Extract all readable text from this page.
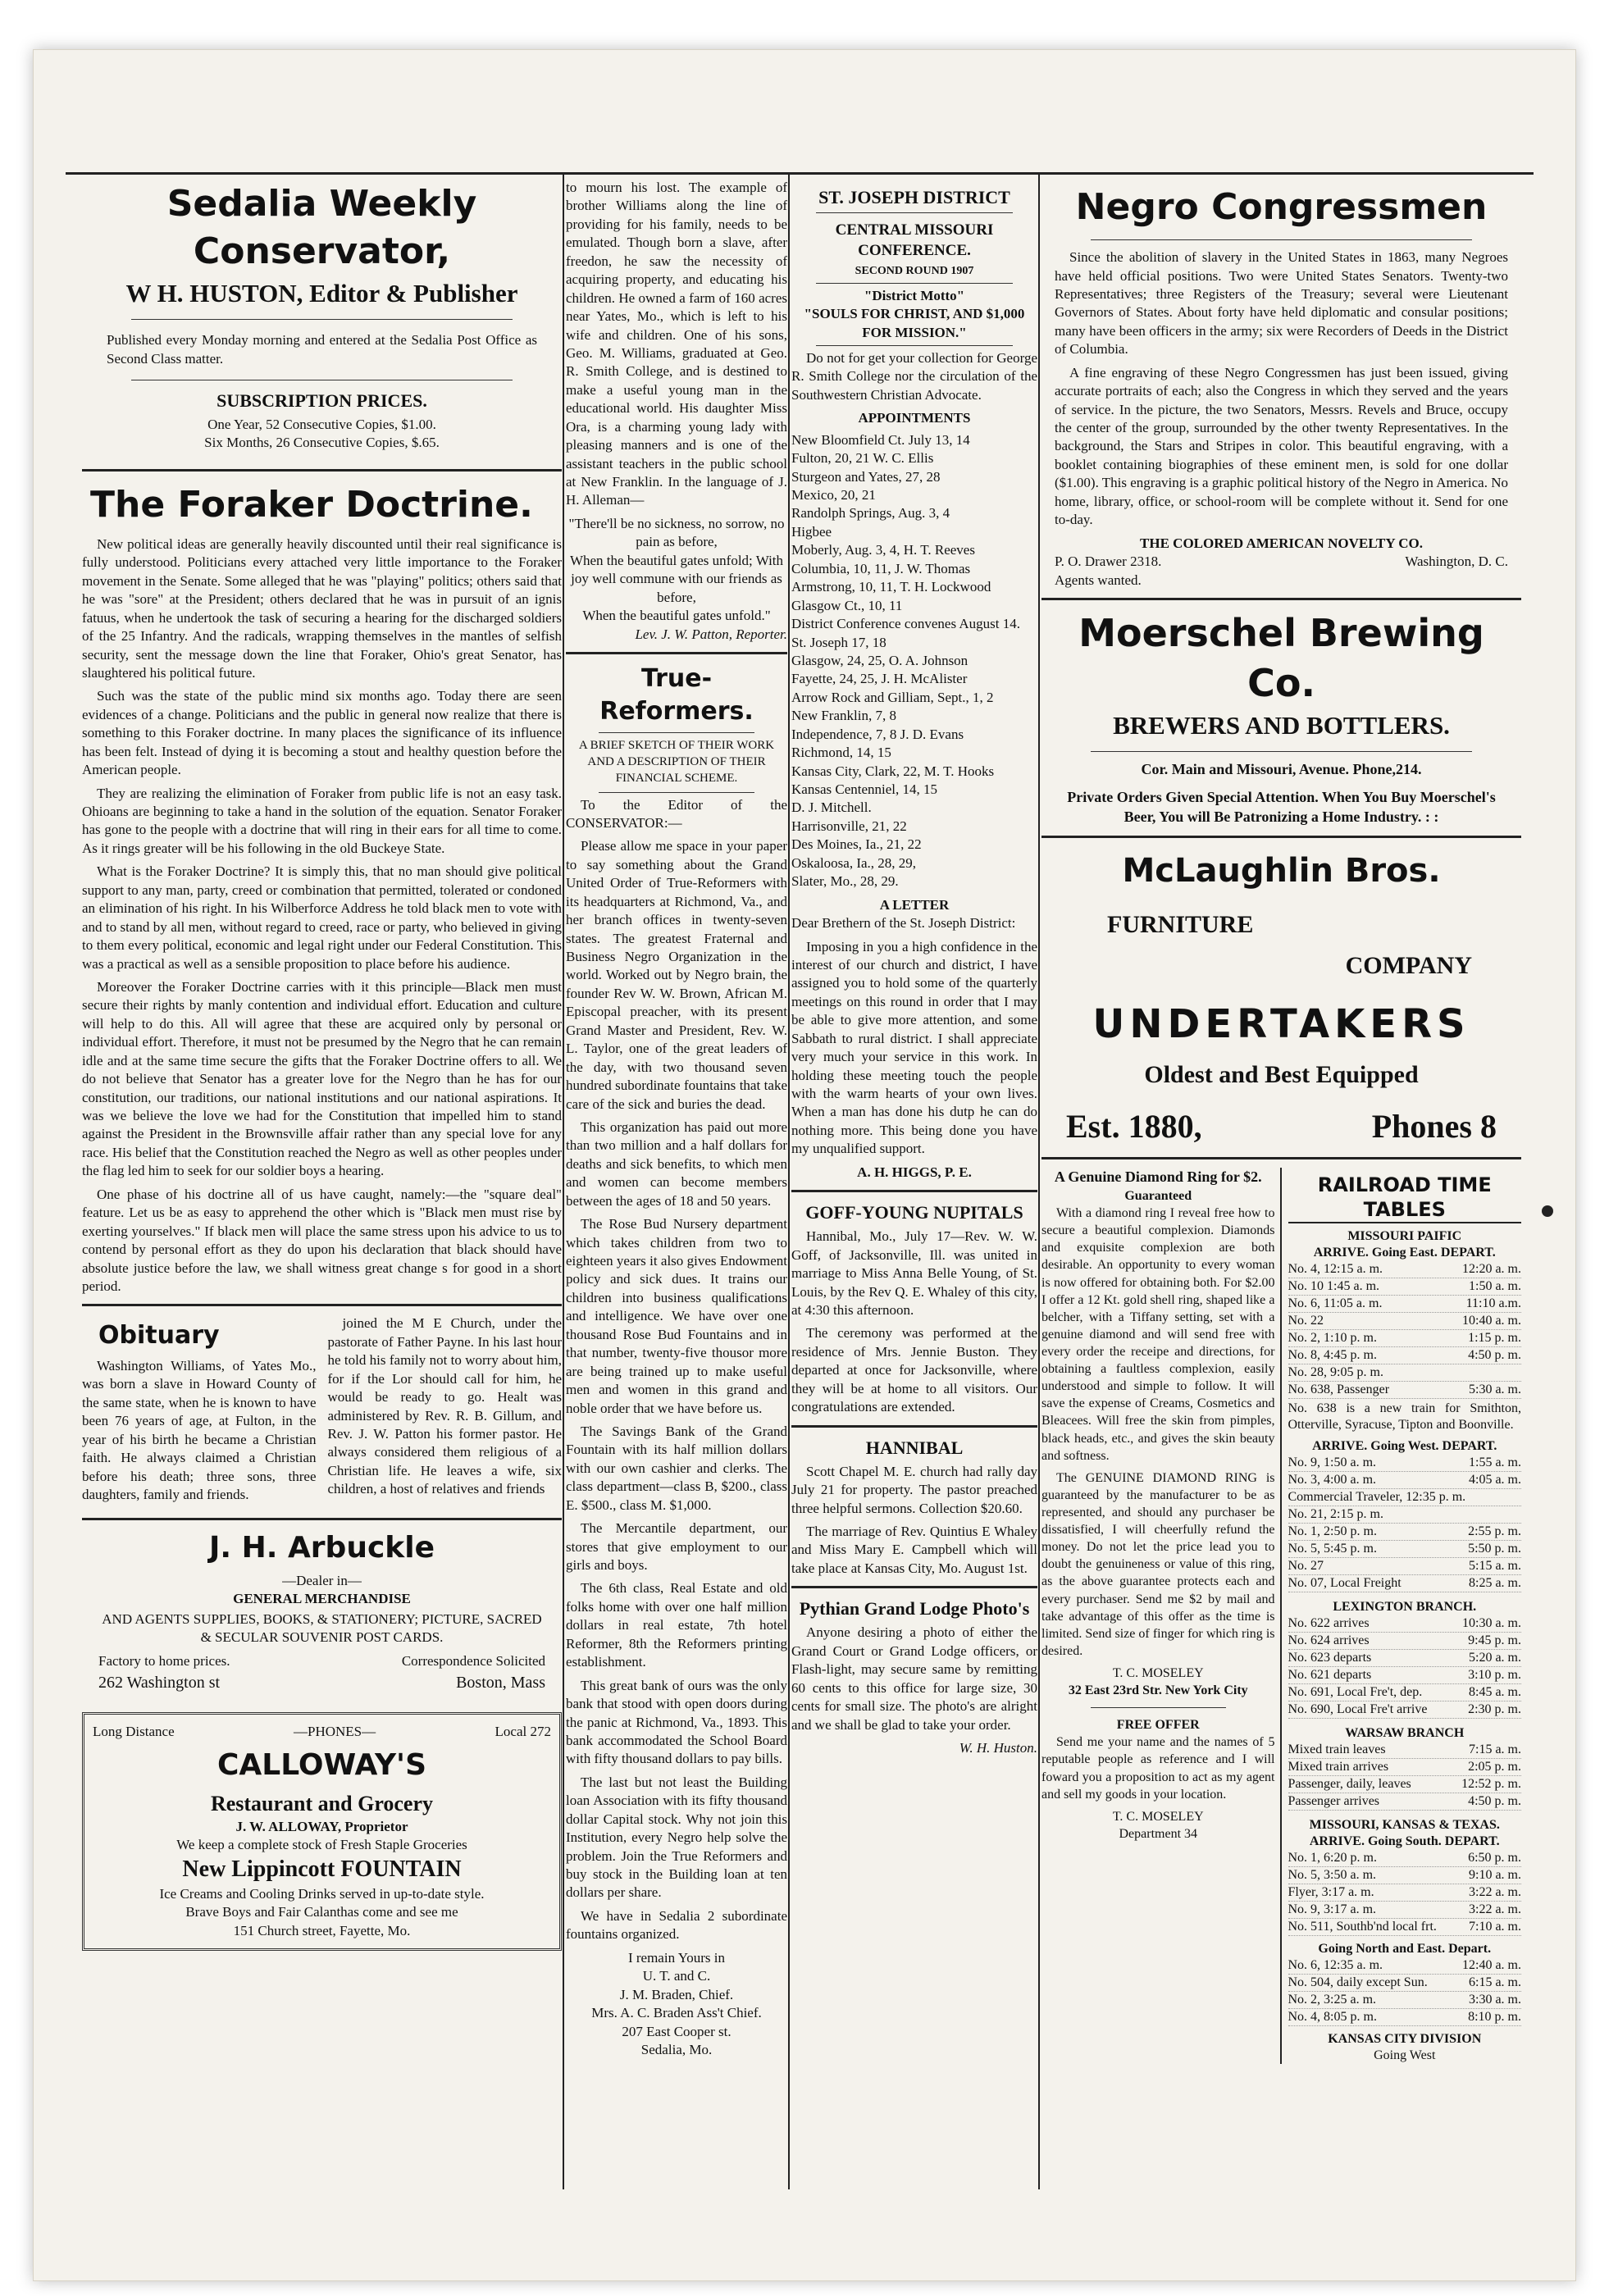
Sedalia Weekly Conservator,
W H. HUSTON, Editor & Publisher

Published every Monday morning and entered at the Sedalia Post Office as Second Class matter.

SUBSCRIPTION PRICES.
One Year, 52 Consecutive Copies, $1.00.
Six Months, 26 Consecutive Copies, $.65.
The Foraker Doctrine.

New political ideas are generally heavily discounted until their real significance is fully understood. Politicians every attached very little importance to the Foraker movement in the Senate. Some alleged that he was "playing" politics; others said that he was "sore" at the President; others declared that he was in pursuit of an ignis fatuus, when he undertook the task of securing a hearing for the discharged soldiers of the 25 Infantry. And the radicals, wrapping themselves in the mantles of selfish security, sent the message down the line that Foraker, Ohio's great Senator, has slaughtered his political future.

Such was the state of the public mind six months ago. Today there are seen evidences of a change. Politicians and the public in general now realize that there is something to this Foraker doctrine. In many places the significance of its influence has been felt. Instead of dying it is becoming a stout and healthy question before the American people.

They are realizing the elimination of Foraker from public life is not an easy task. Ohioans are beginning to take a hand in the solution of the equation. Senator Foraker has gone to the people with a doctrine that will ring in their ears for all time to come. As it rings greater will be his following in the old Buckeye State.

What is the Foraker Doctrine? It is simply this, that no man should give political support to any man, party, creed or combination that permitted, tolerated or condoned an elimination of his right. In his Wilberforce Address he told black men to vote with and to stand by all men, without regard to creed, race or party, who believed in giving to them every political, economic and legal right under our Federal Constitution. This was a practical as well as a sensible proposition to place before his audience.

Moreover the Foraker Doctrine carries with it this principle—Black men must secure their rights by manly contention and individual effort. Education and culture will help to do this. All will agree that these are acquired only by personal or individual effort. Therefore, it must not be presumed by the Negro that he can remain idle and at the same time secure the gifts that the Foraker Doctrine offers to all. We do not believe that Senator has a greater love for the Negro than he has for our constitution, our traditions, our national institutions and our national aspirations. It was we believe the love we had for the Constitution that impelled him to stand against the President in the Brownsville affair rather than any special love for any race. His belief that the Constitution reached the Negro as well as other peoples under the flag led him to seek for our soldier boys a hearing.

One phase of his doctrine all of us have caught, namely:—the "square deal" feature. Let us be as easy to apprehend the other which is "Black men must rise by exerting yourselves." If black men will place the same stress upon his advice to us to contend by personal effort as they do upon his declaration that black should have absolute justice before the law, we shall witness great change s for good in a short period.

Obituary

Washington Williams, of Yates Mo., was born a slave in Howard County of the same state, when he is known to have been 76 years of age, at Fulton, in the year of his birth he became a Christian faith. He always claimed a Christian before his death; three sons, three daughters, family and friends.

joined the M E Church, under the pastorate of Father Payne. In his last hour he told his family not to worry about him, for if the Lor should call for him, he would be ready to go. Healt was administered by Rev. R. B. Gillum, and Rev. J. W. Patton his former pastor. He always considered them religious of a Christian life. He leaves a wife, six children, a host of relatives and friends

J. H. Arbuckle
—Dealer in—
GENERAL MERCHANDISE
AND AGENTS SUPPLIES, BOOKS, & STATIONERY; PICTURE, SACRED & SECULAR SOUVENIR POST CARDS.
Factory to home prices.	Correspondence Solicited
262 Washington st	Boston, Mass
Long Distance	—PHONES—	Local 272
CALLOWAY'S
Restaurant and Grocery
J. W. ALLOWAY, Proprietor
We keep a complete stock of Fresh Staple Groceries
New Lippincott FOUNTAIN
Ice Creams and Cooling Drinks served in up-to-date style.
Brave Boys and Fair Calanthas come and see me
151 Church street, Fayette, Mo.

to mourn his lost. The example of brother Williams along the line of providing for his family, needs to be emulated. Though born a slave, after freedon, he saw the necessity of acquiring property, and educating his children. He owned a farm of 160 acres near Yates, Mo., which is left to his wife and children. One of his sons, Geo. M. Williams, graduated at Geo. R. Smith College, and is destined to make a useful young man in the educational world. His daughter Miss Ora, is a charming young lady with pleasing manners and is one of the assistant teachers in the public school at New Franklin. In the language of J. H. Alleman—

"There'll be no sickness, no sorrow, no pain as before,
When the beautiful gates unfold; With joy well commune with our friends as before,
When the beautiful gates unfold."
Lev. J. W. Patton, Reporter.
True-Reformers.
A BRIEF SKETCH OF THEIR WORK AND A DESCRIPTION OF THEIR FINANCIAL SCHEME.

To the Editor of the CONSERVATOR:—

Please allow me space in your paper to say something about the Grand United Order of True-Reformers with its headquarters at Richmond, Va., and her branch offices in twenty-seven states. The greatest Fraternal and Business Negro Organization in the world. Worked out by Negro brain, the founder Rev W. W. Brown, African M. Episcopal preacher, with its present Grand Master and President, Rev. W. L. Taylor, one of the great leaders of the day, with two thousand seven hundred subordinate fountains that take care of the sick and buries the dead.

This organization has paid out more than two million and a half dollars for deaths and sick benefits, to which men and women can become members between the ages of 18 and 50 years.

The Rose Bud Nursery department which takes children from two to eighteen years it also gives Endowment policy and sick dues. It trains our children into business qualifications and intelligence. We have over one thousand Rose Bud Fountains and in that number, twenty-five thousor more are being trained up to make useful men and women in this grand and noble order that we have before us.

The Savings Bank of the Grand Fountain with its half million dollars with our own cashier and clerks. The class department—class B, $200., class E. $500., class M. $1,000.

The Mercantile department, our stores that give employment to our girls and boys.

The 6th class, Real Estate and old folks home with over one half million dollars in real estate, 7th hotel Reformer, 8th the Reformers printing establishment.

This great bank of ours was the only bank that stood with open doors during the panic at Richmond, Va., 1893. This bank accommodated the School Board with fifty thousand dollars to pay bills.

The last but not least the Building loan Association with its fifty thousand dollar Capital stock. Why not join this Institution, every Negro help solve the problem. Join the True Reformers and buy stock in the Building loan at ten dollars per share.

We have in Sedalia 2 subordinate fountains organized.

I remain Yours in
U. T. and C.
J. M. Braden, Chief.
Mrs. A. C. Braden Ass't Chief.
207 East Cooper st.
Sedalia, Mo.
ST. JOSEPH DISTRICT
CENTRAL MISSOURI CONFERENCE.
SECOND ROUND 1907
"District Motto"
"SOULS FOR CHRIST, AND $1,000 FOR MISSION."

Do not for get your collection for George R. Smith College nor the circulation of the Southwestern Christian Advocate.

APPOINTMENTS
New Bloomfield Ct. July 13, 14
Fulton, 20, 21 W. C. Ellis
Sturgeon and Yates, 27, 28
Mexico, 20, 21
Randolph Springs, Aug. 3, 4
Higbee
Moberly, Aug. 3, 4, H. T. Reeves
Columbia, 10, 11, J. W. Thomas
Armstrong, 10, 11, T. H. Lockwood
Glasgow Ct., 10, 11
District Conference convenes August 14.
St. Joseph 17, 18
Glasgow, 24, 25, O. A. Johnson
Fayette, 24, 25, J. H. McAlister
Arrow Rock and Gilliam, Sept., 1, 2
New Franklin, 7, 8
Independence, 7, 8 J. D. Evans
Richmond, 14, 15
Kansas City, Clark, 22, M. T. Hooks
Kansas Centenniel, 14, 15
D. J. Mitchell.
Harrisonville, 21, 22
Des Moines, Ia., 21, 22
Oskaloosa, Ia., 28, 29,
Slater, Mo., 28, 29.
A LETTER

Dear Brethern of the St. Joseph District:

Imposing in you a high confidence in the interest of our church and district, I have assigned you to hold some of the quarterly meetings on this round in order that I may be able to give more attention, and some Sabbath to rural district. I shall appreciate very much your service in this work. In holding these meeting touch the people with the warm hearts of your own lives. When a man has done his dutp he can do nothing more. This being done you have my unqualified support.

A. H. HIGGS, P. E.
GOFF-YOUNG NUPITALS

Hannibal, Mo., July 17—Rev. W. W. Goff, of Jacksonville, Ill. was united in marriage to Miss Anna Belle Young, of St. Louis, by the Rev Q. E. Whaley of this city, at 4:30 this afternoon.

The ceremony was performed at the residence of Mrs. Jennie Buston. They departed at once for Jacksonville, where they will be at home to all visitors. Our congratulations are extended.

HANNIBAL

Scott Chapel M. E. church had rally day July 21 for property. The pastor preached three helpful sermons. Collection $20.60.

The marriage of Rev. Quintius E Whaley and Miss Mary E. Campbell which will take place at Kansas City, Mo. August 1st.

Pythian Grand Lodge Photo's

Anyone desiring a photo of either the Grand Court or Grand Lodge officers, or Flash-light, may secure same by remitting 60 cents to this office for large size, 30 cents for small size. The photo's are alright and we shall be glad to take your order.

W. H. Huston.
Negro Congressmen

Since the abolition of slavery in the United States in 1863, many Negroes have held official positions. Two were United States Senators. Twenty-two Representatives; three Registers of the Treasury; several were Lieutenant Governors of States. About forty have held diplomatic and consular positions; many have been officers in the army; six were Recorders of Deeds in the District of Columbia.

A fine engraving of these Negro Congressmen has just been issued, giving accurate portraits of each; also the Congress in which they served and the years of service. In the picture, the two Senators, Messrs. Revels and Bruce, occupy the center of the group, surrounded by the other twenty Representatives. In the background, the Stars and Stripes in color. This beautiful engraving, with a booklet containing biographies of these eminent men, is sold for one dollar ($1.00). This engraving is a graphic political history of the Negro in America. No home, library, office, or school-room will be complete without it. Send for one to-day.

THE COLORED AMERICAN NOVELTY CO.
P. O. Drawer 2318.	Washington, D. C.
Agents wanted.
Moerschel Brewing Co.
BREWERS AND BOTTLERS.
Cor. Main and Missouri, Avenue. Phone,214.
Private Orders Given Special Attention. When You Buy Moerschel's Beer, You will Be Patronizing a Home Industry. : :
McLaughlin Bros.
FURNITURE
COMPANY
UNDERTAKERS
Oldest and Best Equipped
Est. 1880,	Phones 8
A Genuine Diamond Ring for $2.
Guaranteed

With a diamond ring I reveal free how to secure a beautiful complexion. Diamonds and exquisite complexion are both desirable. An opportunity to every woman is now offered for obtaining both. For $2.00 I offer a 12 Kt. gold shell ring, shaped like a belcher, with a Tiffany setting, set with a genuine diamond and will send free with every order the receipe and directions, for obtaining a faultless complexion, easily understood and simple to follow. It will save the expense of Creams, Cosmetics and Bleacees. Will free the skin from pimples, black heads, etc., and gives the skin beauty and softness.

The GENUINE DIAMOND RING is guaranteed by the manufacturer to be as represented, and should any purchaser be dissatisfied, I will cheerfully refund the money. Do not let the price lead you to doubt the genuineness or value of this ring, as the above guarantee protects each and every purchaser. Send me $2 by mail and take advantage of this offer as the time is limited. Send size of finger for which ring is desired.

T. C. MOSELEY
32 East 23rd Str. New York City
FREE OFFER

Send me your name and the names of 5 reputable people as reference and I will foward you a proposition to act as my agent and sell my goods in your location.

T. C. MOSELEY
Department 34
RAILROAD TIME TABLES
MISSOURI PAIFIC
ARRIVE. Going East. DEPART.
No. 4, 12:15 a. m.	12:20 a. m.
No. 10 1:45 a. m.	1:50 a. m.
No. 6, 11:05 a. m.	11:10 a.m.
No. 22	10:40 a. m.
No. 2, 1:10 p. m.	1:15 p. m.
No. 8, 4:45 p. m.	4:50 p. m.
No. 28, 9:05 p. m.
No. 638, Passenger	5:30 a. m.
No. 638 is a new train for Smithton, Otterville, Syracuse, Tipton and Boonville.
ARRIVE. Going West. DEPART.
No. 9, 1:50 a. m.	1:55 a. m.
No. 3, 4:00 a. m.	4:05 a. m.
Commercial Traveler, 12:35 p. m.
No. 21, 2:15 p. m.
No. 1, 2:50 p. m.	2:55 p. m.
No. 5, 5:45 p. m.	5:50 p. m.
No. 27	5:15 a. m.
No. 07, Local Freight	8:25 a. m.
LEXINGTON BRANCH.
No. 622 arrives	10:30 a. m.
No. 624 arrives	9:45 p. m.
No. 623 departs	5:20 a. m.
No. 621 departs	3:10 p. m.
No. 691, Local Fre't, dep.	8:45 a. m.
No. 690, Local Fre't arrive	2:30 p. m.
WARSAW BRANCH
Mixed train leaves	7:15 a. m.
Mixed train arrives	2:05 p. m.
Passenger, daily, leaves	12:52 p. m.
Passenger arrives	4:50 p. m.
MISSOURI, KANSAS & TEXAS.
ARRIVE. Going South. DEPART.
No. 1, 6:20 p. m.	6:50 p. m.
No. 5, 3:50 a. m.	9:10 a. m.
Flyer, 3:17 a. m.	3:22 a. m.
No. 9, 3:17 a. m.	3:22 a. m.
No. 511, Southb'nd local frt. 7:10 a. m.
Going North and East. Depart.
No. 6, 12:35 a. m.	12:40 a. m.
No. 504, daily except Sun.	6:15 a. m.
No. 2, 3:25 a. m.	3:30 a. m.
No. 4, 8:05 p. m.	8:10 p. m.
KANSAS CITY DIVISION
Going West
